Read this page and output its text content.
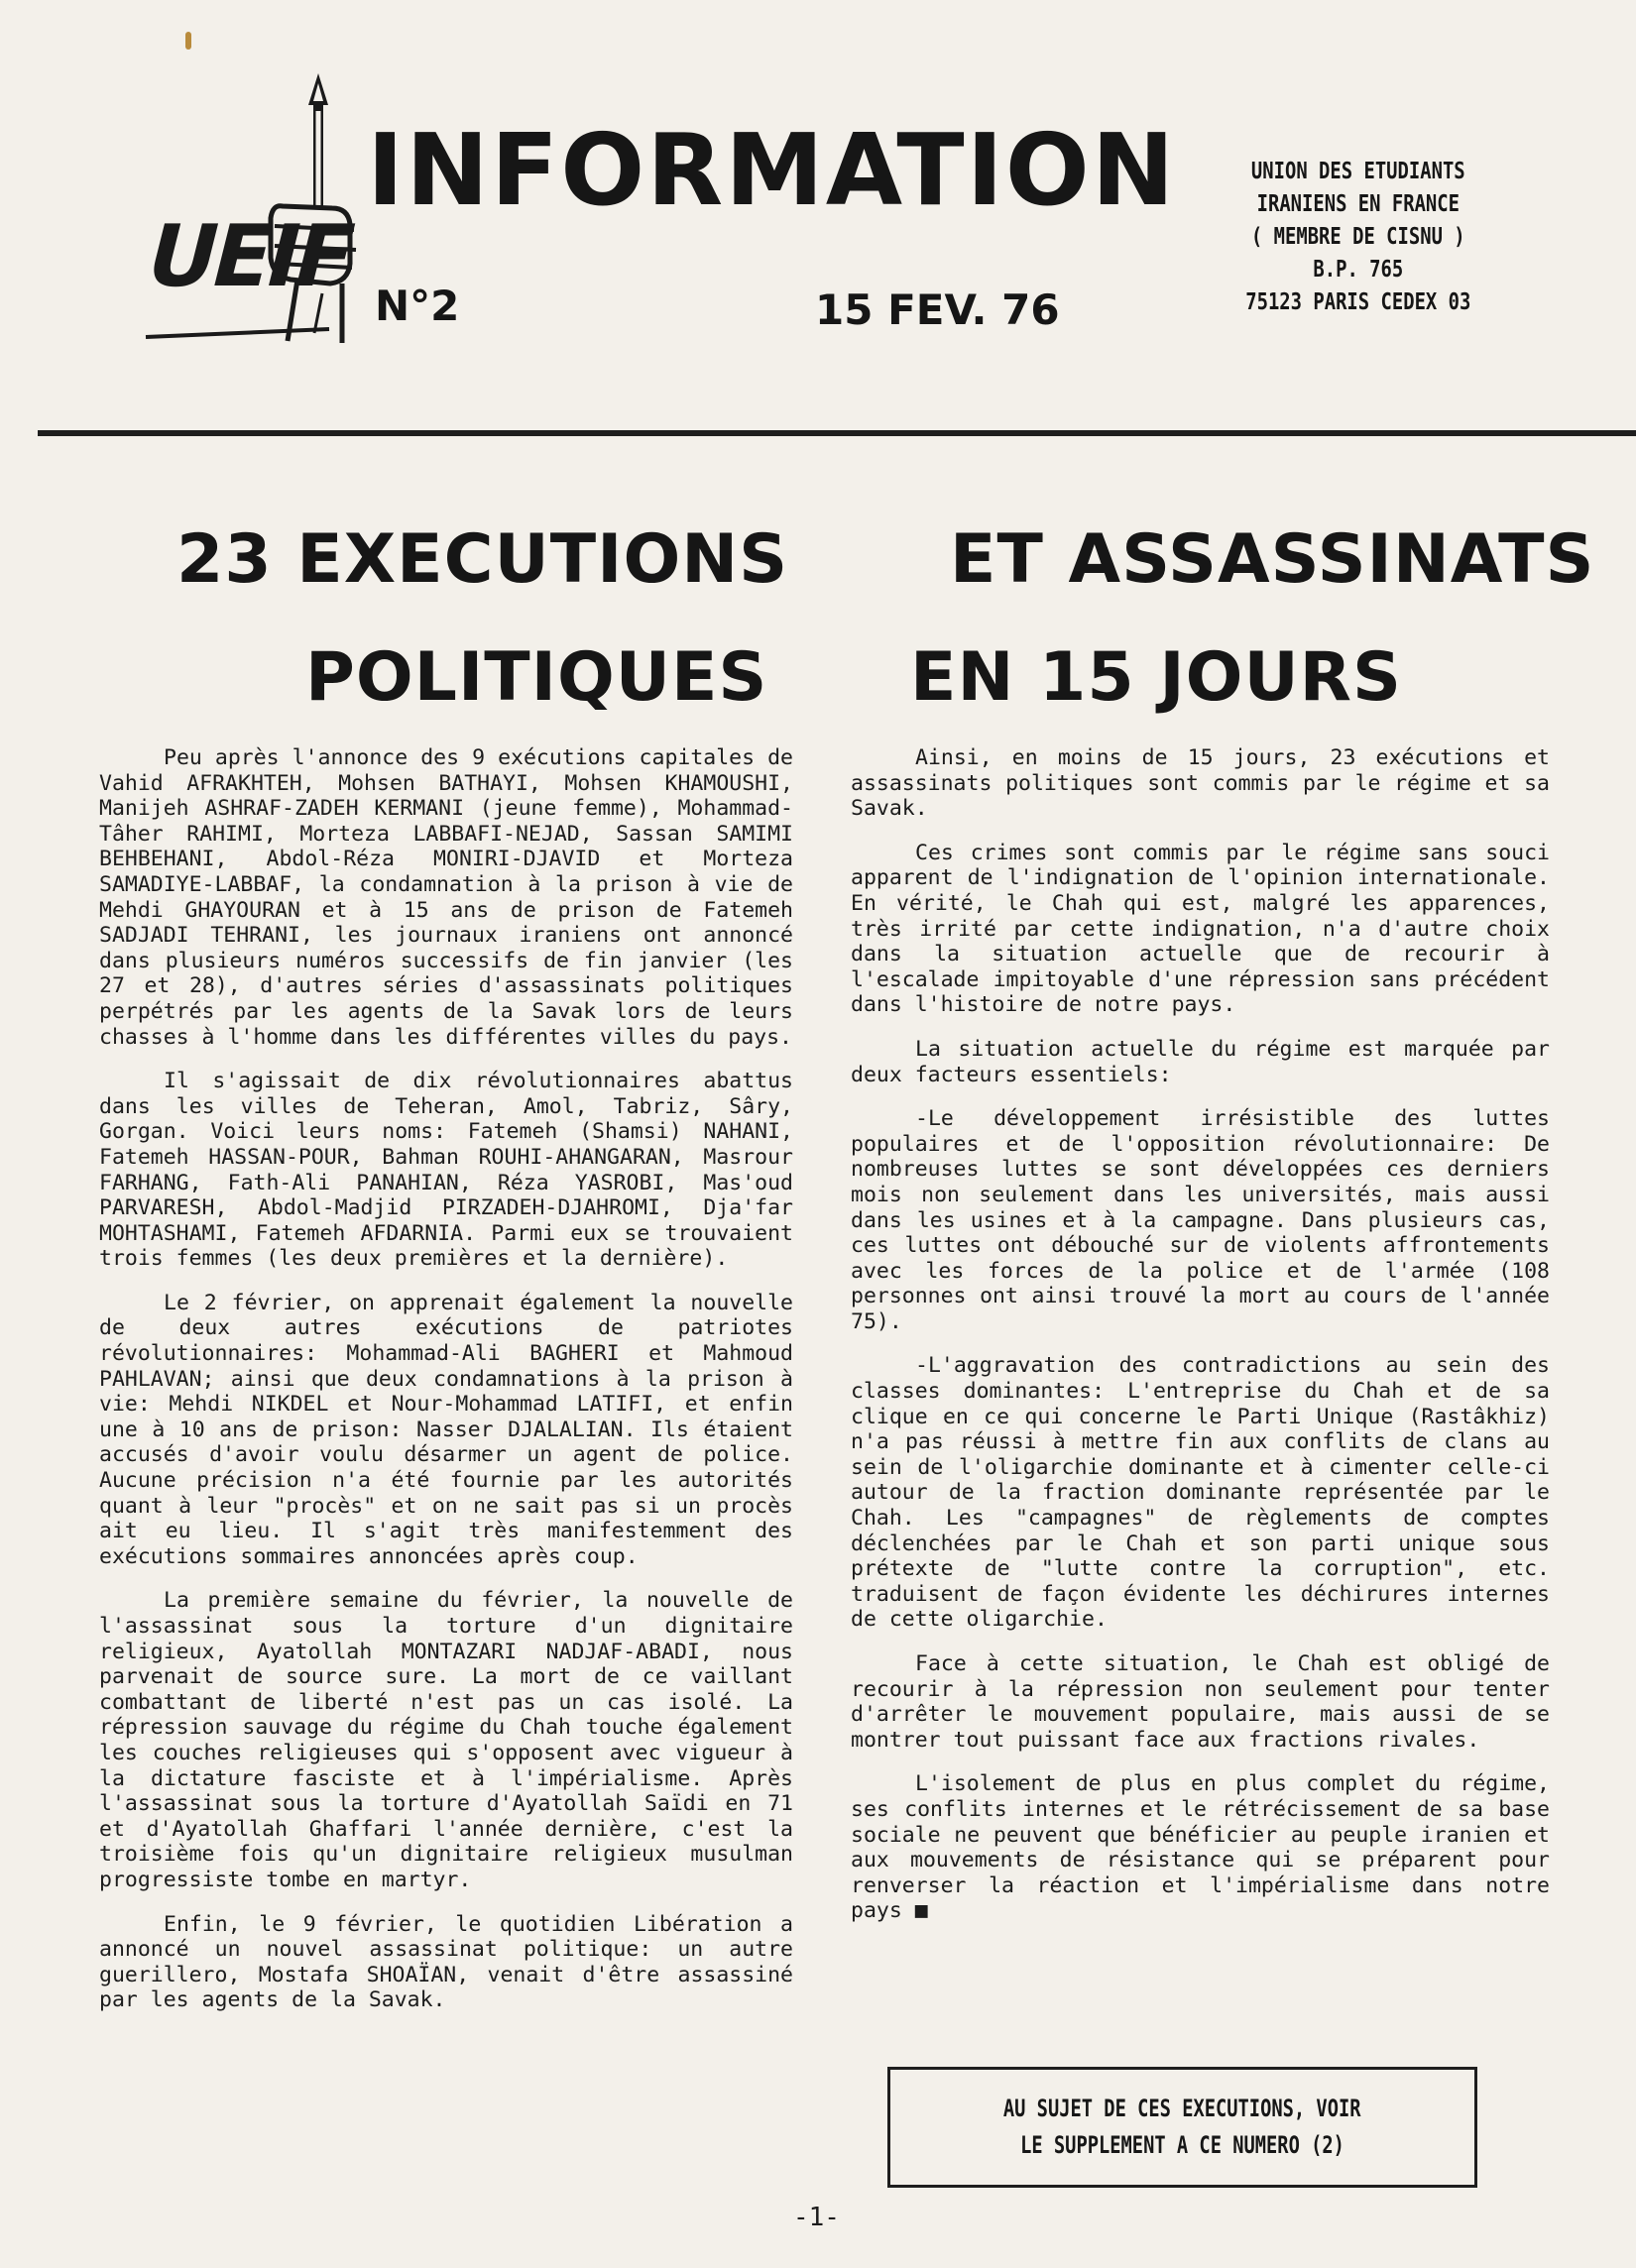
UEIF
INFORMATION
N°2	15 FEV. 76
UNION DES ETUDIANTS
IRANIENS EN FRANCE
( MEMBRE DE CISNU )
B.P. 765
75123 PARIS CEDEX 03
23 EXECUTIONS ET ASSASSINATS
POLITIQUES EN 15 JOURS

Peu après l'annonce des 9 exécutions capitales de Vahid AFRAKHTEH, Mohsen BATHAYI, Mohsen KHAMOUSHI, Manijeh ASHRAF-ZADEH KERMANI (jeune femme), Mohammad-Tâher RAHIMI, Morteza LABBAFI-NEJAD, Sassan SAMIMI BEHBEHANI, Abdol-Réza MONIRI-DJAVID et Morteza SAMADIYE-LABBAF, la condamnation à la prison à vie de Mehdi GHAYOURAN et à 15 ans de prison de Fatemeh SADJADI TEHRANI, les journaux iraniens ont annoncé dans plusieurs numéros successifs de fin janvier (les 27 et 28), d'autres séries d'assassinats politiques perpétrés par les agents de la Savak lors de leurs chasses à l'homme dans les différentes villes du pays.

Il s'agissait de dix révolutionnaires abattus dans les villes de Teheran, Amol, Tabriz, Sâry, Gorgan. Voici leurs noms: Fatemeh (Shamsi) NAHANI, Fatemeh HASSAN-POUR, Bahman ROUHI-AHANGARAN, Masrour FARHANG, Fath-Ali PANAHIAN, Réza YASROBI, Mas'oud PARVARESH, Abdol-Madjid PIRZADEH-DJAHROMI, Dja'far MOHTASHAMI, Fatemeh AFDARNIA. Parmi eux se trouvaient trois femmes (les deux premières et la dernière).

Le 2 février, on apprenait également la nouvelle de deux autres exécutions de patriotes révolutionnaires: Mohammad-Ali BAGHERI et Mahmoud PAHLAVAN; ainsi que deux condamnations à la prison à vie: Mehdi NIKDEL et Nour-Mohammad LATIFI, et enfin une à 10 ans de prison: Nasser DJALALIAN. Ils étaient accusés d'avoir voulu désarmer un agent de police. Aucune précision n'a été fournie par les autorités quant à leur "procès" et on ne sait pas si un procès ait eu lieu. Il s'agit très manifestemment des exécutions sommaires annoncées après coup.

La première semaine du février, la nouvelle de l'assassinat sous la torture d'un dignitaire religieux, Ayatollah MONTAZARI NADJAF-ABADI, nous parvenait de source sure. La mort de ce vaillant combattant de liberté n'est pas un cas isolé. La répression sauvage du régime du Chah touche également les couches religieuses qui s'opposent avec vigueur à la dictature fasciste et à l'impérialisme. Après l'assassinat sous la torture d'Ayatollah Saïdi en 71 et d'Ayatollah Ghaffari l'année dernière, c'est la troisième fois qu'un dignitaire religieux musulman progressiste tombe en martyr.

Enfin, le 9 février, le quotidien Libération a annoncé un nouvel assassinat politique: un autre guerillero, Mostafa SHOAÏAN, venait d'être assassiné par les agents de la Savak.

Ainsi, en moins de 15 jours, 23 exécutions et assassinats politiques sont commis par le régime et sa Savak.

Ces crimes sont commis par le régime sans souci apparent de l'indignation de l'opinion internationale. En vérité, le Chah qui est, malgré les apparences, très irrité par cette indignation, n'a d'autre choix dans la situation actuelle que de recourir à l'escalade impitoyable d'une répression sans précédent dans l'histoire de notre pays.

La situation actuelle du régime est marquée par deux facteurs essentiels:

-Le développement irrésistible des luttes populaires et de l'opposition révolutionnaire: De nombreuses luttes se sont développées ces derniers mois non seulement dans les universités, mais aussi dans les usines et à la campagne. Dans plusieurs cas, ces luttes ont débouché sur de violents affrontements avec les forces de la police et de l'armée (108 personnes ont ainsi trouvé la mort au cours de l'année 75).

-L'aggravation des contradictions au sein des classes dominantes: L'entreprise du Chah et de sa clique en ce qui concerne le Parti Unique (Rastâkhiz) n'a pas réussi à mettre fin aux conflits de clans au sein de l'oligarchie dominante et à cimenter celle-ci autour de la fraction dominante représentée par le Chah. Les "campagnes" de règlements de comptes déclenchées par le Chah et son parti unique sous prétexte de "lutte contre la corruption", etc. traduisent de façon évidente les déchirures internes de cette oligarchie.

Face à cette situation, le Chah est obligé de recourir à la répression non seulement pour tenter d'arrêter le mouvement populaire, mais aussi de se montrer tout puissant face aux fractions rivales.

L'isolement de plus en plus complet du régime, ses conflits internes et le rétrécissement de sa base sociale ne peuvent que bénéficier au peuple iranien et aux mouvements de résistance qui se préparent pour renverser la réaction et l'impérialisme dans notre pays ■

AU SUJET DE CES EXECUTIONS, VOIR
LE SUPPLEMENT A CE NUMERO (2)
-1-
